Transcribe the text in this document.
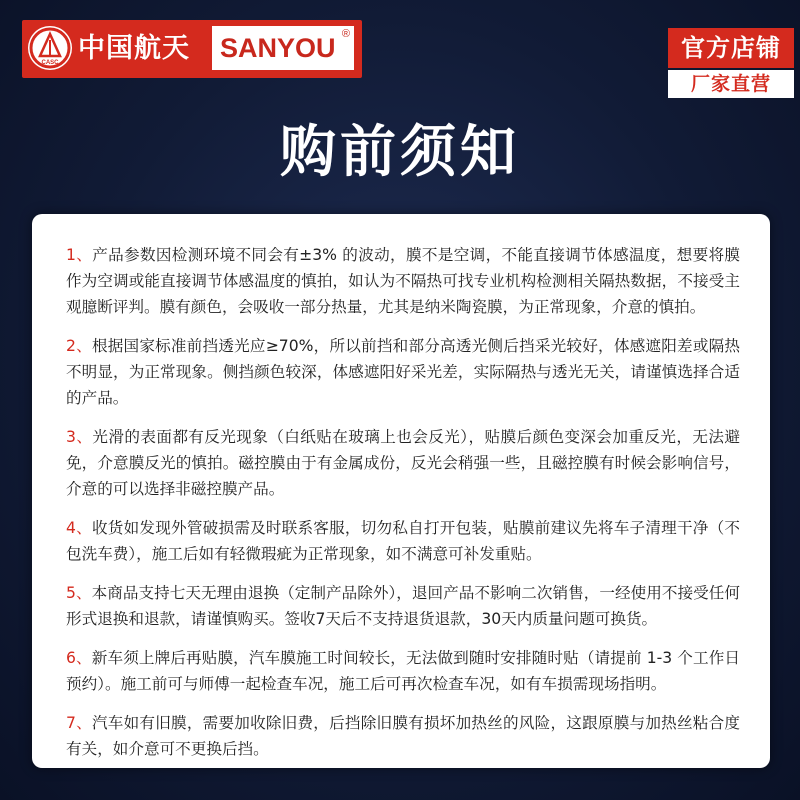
CASC 中国航天 SANYOU ®	官方店铺
厂家直营
购前须知
1、产品参数因检测环境不同会有±3% 的波动，膜不是空调，不能直接调节体感温度，想要将膜作为空调或能直接调节体感温度的慎拍，如认为不隔热可找专业机构检测相关隔热数据，不接受主观臆断评判。膜有颜色，会吸收一部分热量，尤其是纳米陶瓷膜，为正常现象，介意的慎拍。
2、根据国家标准前挡透光应≥70%，所以前挡和部分高透光侧后挡采光较好，体感遮阳差或隔热不明显，为正常现象。侧挡颜色较深，体感遮阳好采光差，实际隔热与透光无关，请谨慎选择合适的产品。
3、光滑的表面都有反光现象（白纸贴在玻璃上也会反光），贴膜后颜色变深会加重反光，无法避免，介意膜反光的慎拍。磁控膜由于有金属成份，反光会稍强一些，且磁控膜有时候会影响信号，介意的可以选择非磁控膜产品。
4、收货如发现外管破损需及时联系客服，切勿私自打开包装，贴膜前建议先将车子清理干净（不包洗车费），施工后如有轻微瑕疵为正常现象，如不满意可补发重贴。
5、本商品支持七天无理由退换（定制产品除外），退回产品不影响二次销售，一经使用不接受任何形式退换和退款，请谨慎购买。签收7天后不支持退货退款，30天内质量问题可换货。
6、新车须上牌后再贴膜，汽车膜施工时间较长，无法做到随时安排随时贴（请提前 1-3 个工作日预约）。施工前可与师傅一起检查车况，施工后可再次检查车况，如有车损需现场指明。
7、汽车如有旧膜，需要加收除旧费，后挡除旧膜有损坏加热丝的风险，这跟原膜与加热丝粘合度有关，如介意可不更换后挡。
